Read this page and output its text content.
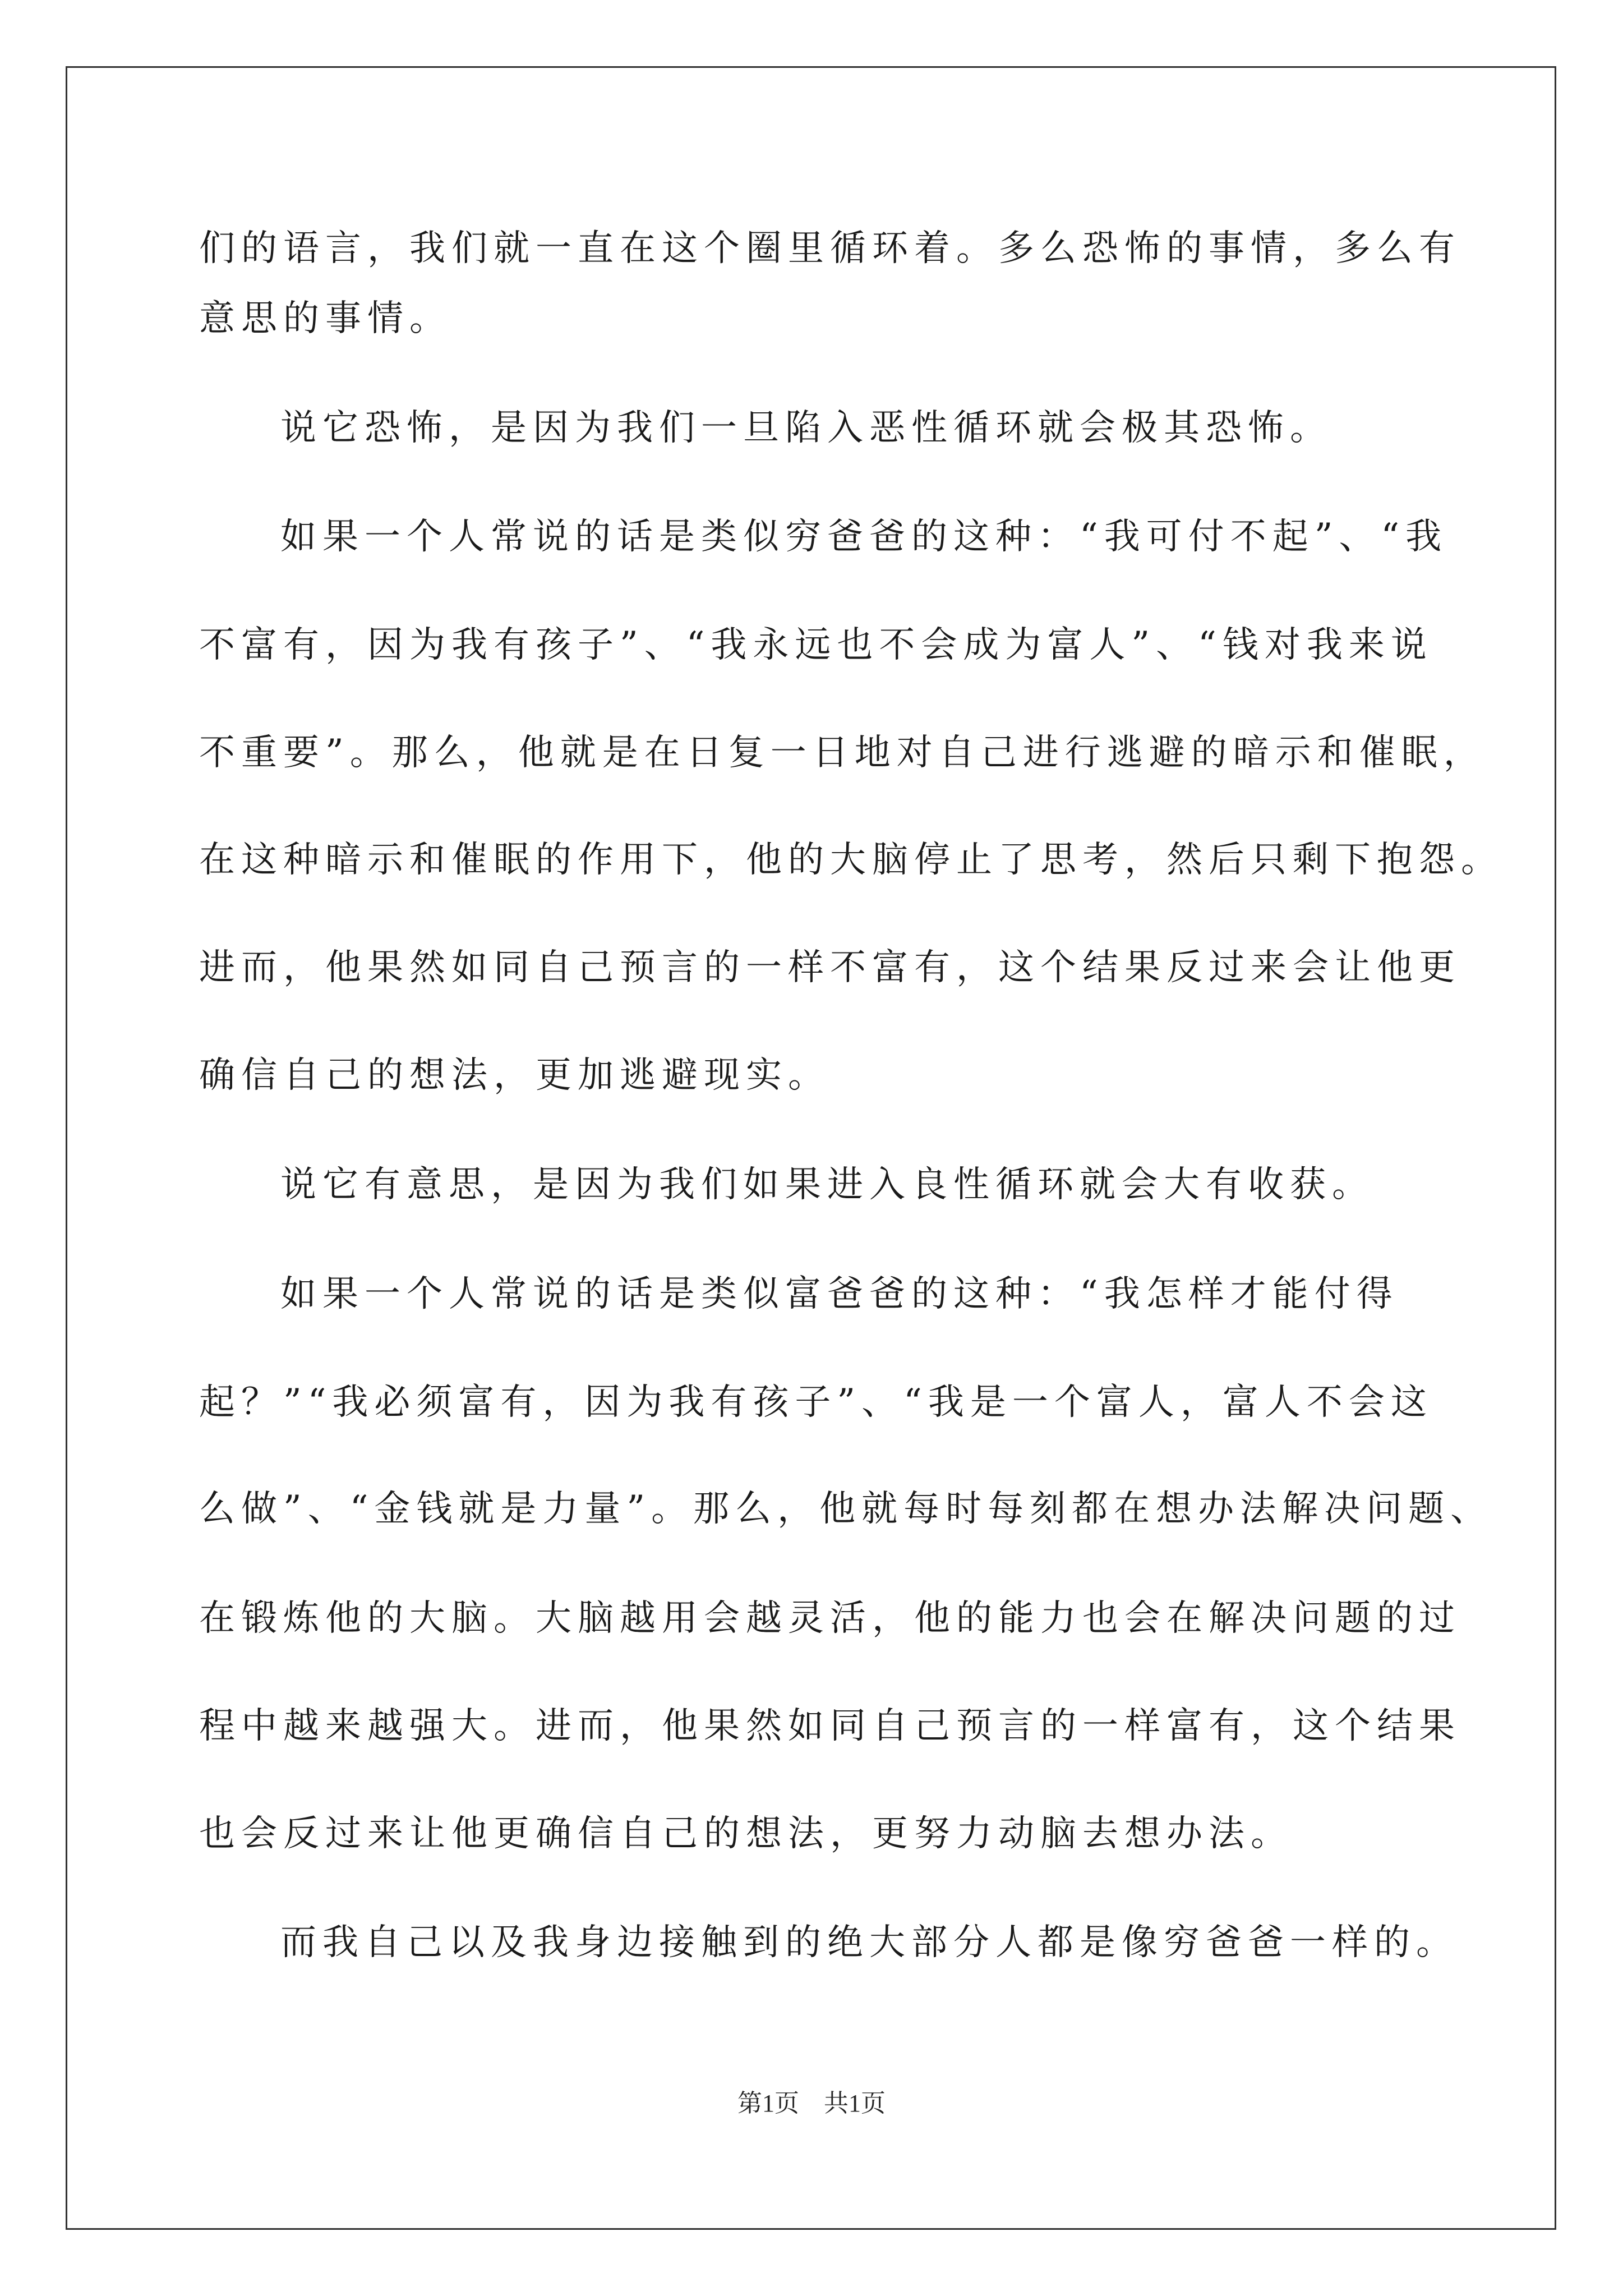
们的语言，我们就一直在这个圈里循环着。多么恐怖的事情，多么有

意思的事情。

说它恐怖，是因为我们一旦陷入恶性循环就会极其恐怖。

如果一个人常说的话是类似穷爸爸的这种：“我可付不起”、“我

不富有，因为我有孩子”、“我永远也不会成为富人”、“钱对我来说

不重要”。那么，他就是在日复一日地对自己进行逃避的暗示和催眠，

在这种暗示和催眠的作用下，他的大脑停止了思考，然后只剩下抱怨。

进而，他果然如同自己预言的一样不富有，这个结果反过来会让他更

确信自己的想法，更加逃避现实。

说它有意思，是因为我们如果进入良性循环就会大有收获。

如果一个人常说的话是类似富爸爸的这种：“我怎样才能付得

起？”“我必须富有，因为我有孩子”、“我是一个富人，富人不会这

么做”、“金钱就是力量”。那么，他就每时每刻都在想办法解决问题、

在锻炼他的大脑。大脑越用会越灵活，他的能力也会在解决问题的过

程中越来越强大。进而，他果然如同自己预言的一样富有，这个结果

也会反过来让他更确信自己的想法，更努力动脑去想办法。

而我自己以及我身边接触到的绝大部分人都是像穷爸爸一样的。

第1页    共1页
